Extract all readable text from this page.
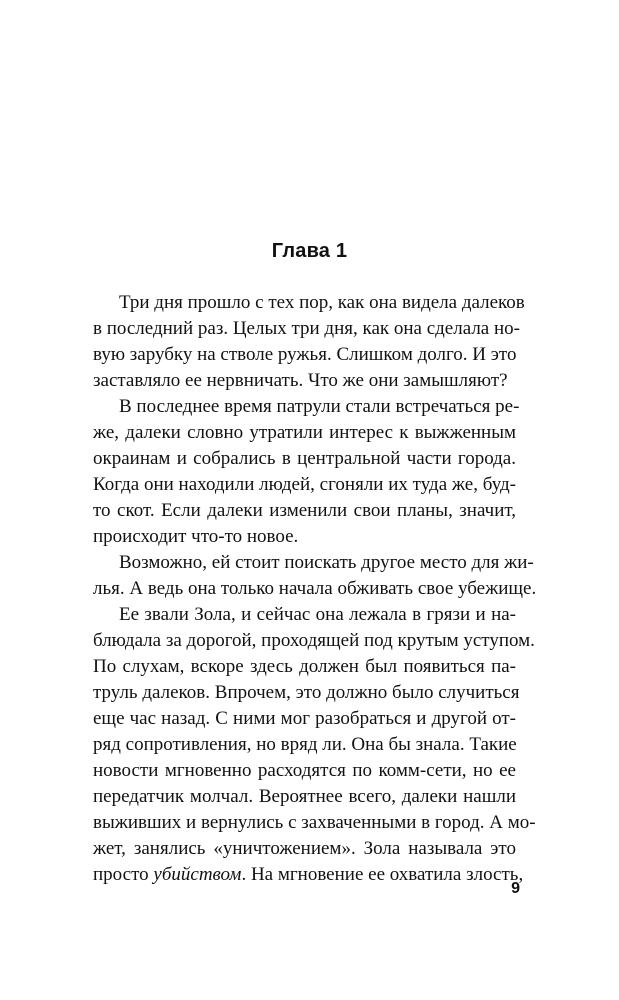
Глава 1
Три дня прошло с тех пор, как она видела далеков
в последний раз. Целых три дня, как она сделала но-
вую зарубку на стволе ружья. Слишком долго. И это
заставляло ее нервничать. Что же они замышляют?
В последнее время патрули стали встречаться ре-
же, далеки словно утратили интерес к выжженным
окраинам и собрались в центральной части города.
Когда они находили людей, сгоняли их туда же, буд-
то скот. Если далеки изменили свои планы, значит,
происходит что-то новое.
Возможно, ей стоит поискать другое место для жи-
лья. А ведь она только начала обживать свое убежище.
Ее звали Зола, и сейчас она лежала в грязи и на-
блюдала за дорогой, проходящей под крутым уступом.
По слухам, вскоре здесь должен был появиться па-
труль далеков. Впрочем, это должно было случиться
еще час назад. С ними мог разобраться и другой от-
ряд сопротивления, но вряд ли. Она бы знала. Такие
новости мгновенно расходятся по комм-сети, но ее
передатчик молчал. Вероятнее всего, далеки нашли
выживших и вернулись с захваченными в город. А мо-
жет, занялись «уничтожением». Зола называла это
просто убийством. На мгновение ее охватила злость,
9
